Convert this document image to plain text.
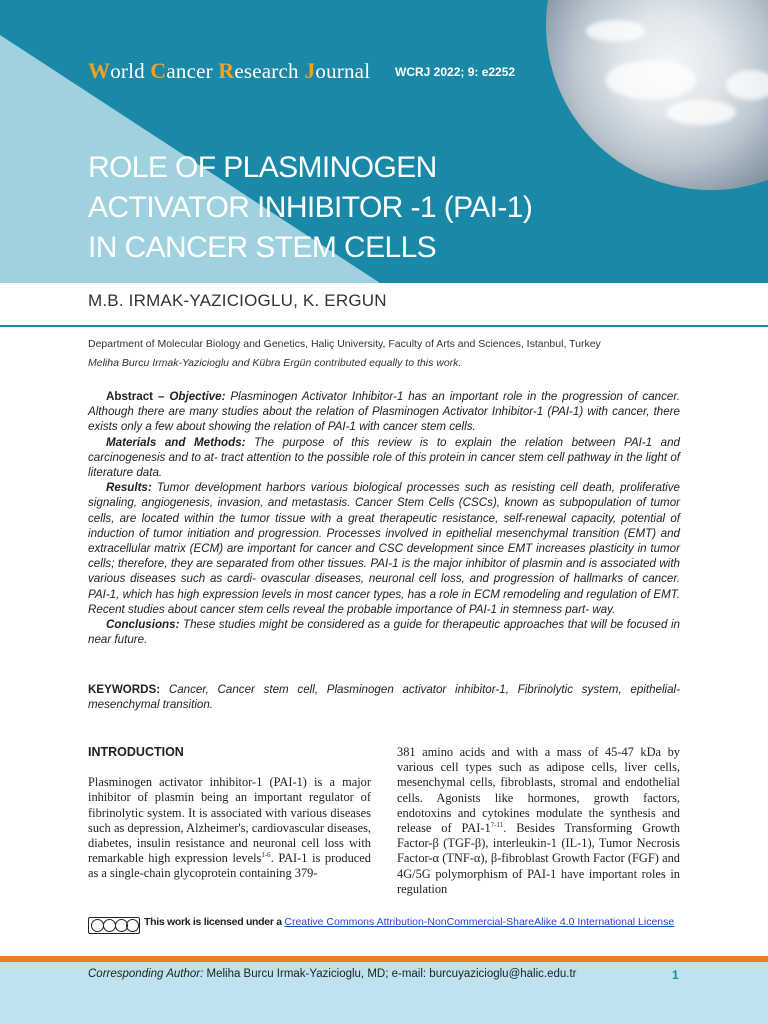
World Cancer Research Journal WCRJ 2022; 9: e2252
ROLE OF PLASMINOGEN
ACTIVATOR INHIBITOR -1 (PAI-1)
IN CANCER STEM CELLS
M.B. IRMAK-YAZICIOGLU, K. ERGUN
Department of Molecular Biology and Genetics, Haliç University, Faculty of Arts and Sciences, Istanbul, Turkey
Meliha Burcu Irmak-Yazicioglu and Kübra Ergün contributed equally to this work.

Abstract – Objective: Plasminogen Activator Inhibitor-1 has an important role in the progression of cancer. Although there are many studies about the relation of Plasminogen Activator Inhibitor-1 (PAI-1) with cancer, there exists only a few about showing the relation of PAI-1 with cancer stem cells.

Materials and Methods: The purpose of this review is to explain the relation between PAI-1 and carcinogenesis and to at- tract attention to the possible role of this protein in cancer stem cell pathway in the light of literature data.

Results: Tumor development harbors various biological processes such as resisting cell death, proliferative signaling, angiogenesis, invasion, and metastasis. Cancer Stem Cells (CSCs), known as subpopulation of tumor cells, are located within the tumor tissue with a great therapeutic resistance, self-renewal capacity, potential of induction of tumor initiation and progression. Processes involved in epithelial mesenchymal transition (EMT) and extracellular matrix (ECM) are important for cancer and CSC development since EMT increases plasticity in tumor cells; therefore, they are separated from other tissues. PAI-1 is the major inhibitor of plasmin and is associated with various diseases such as cardi- ovascular diseases, neuronal cell loss, and progression of hallmarks of cancer. PAI-1, which has high expression levels in most cancer types, has a role in ECM remodeling and regulation of EMT. Recent studies about cancer stem cells reveal the probable importance of PAI-1 in stemness part- way.

Conclusions: These studies might be considered as a guide for therapeutic approaches that will be focused in near future.

KEYWORDS: Cancer, Cancer stem cell, Plasminogen activator inhibitor-1, Fibrinolytic system, epithelial-mesenchymal transition.
INTRODUCTION

Plasminogen activator inhibitor-1 (PAI-1) is a major inhibitor of plasmin being an important regulator of fibrinolytic system. It is associated with various diseases such as depression, Alzheimer's, cardiovascular diseases, diabetes, insulin resistance and neuronal cell loss with remarkable high expression levels$^{1-6}$. PAI-1 is produced as a single-chain glycoprotein containing 379-

381 amino acids and with a mass of 45-47 kDa by various cell types such as adipose cells, liver cells, mesenchymal cells, fibroblasts, stromal and endothelial cells. Agonists like hormones, growth factors, endotoxins and cytokines modulate the synthesis and release of PAI-1$^{7-11}$. Besides Transforming Growth Factor-β (TGF-β), interleukin-1 (IL-1), Tumor Necrosis Factor-α (TNF-α), β-fibroblast Growth Factor (FGF) and 4G/5G polymorphism of PAI-1 have important roles in regulation

This work is licensed under a Creative Commons Attribution-NonCommercial-ShareAlike 4.0 International License
Corresponding Author: Meliha Burcu Irmak-Yazicioglu, MD; e-mail: burcuyazicioglu@halic.edu.tr	1
